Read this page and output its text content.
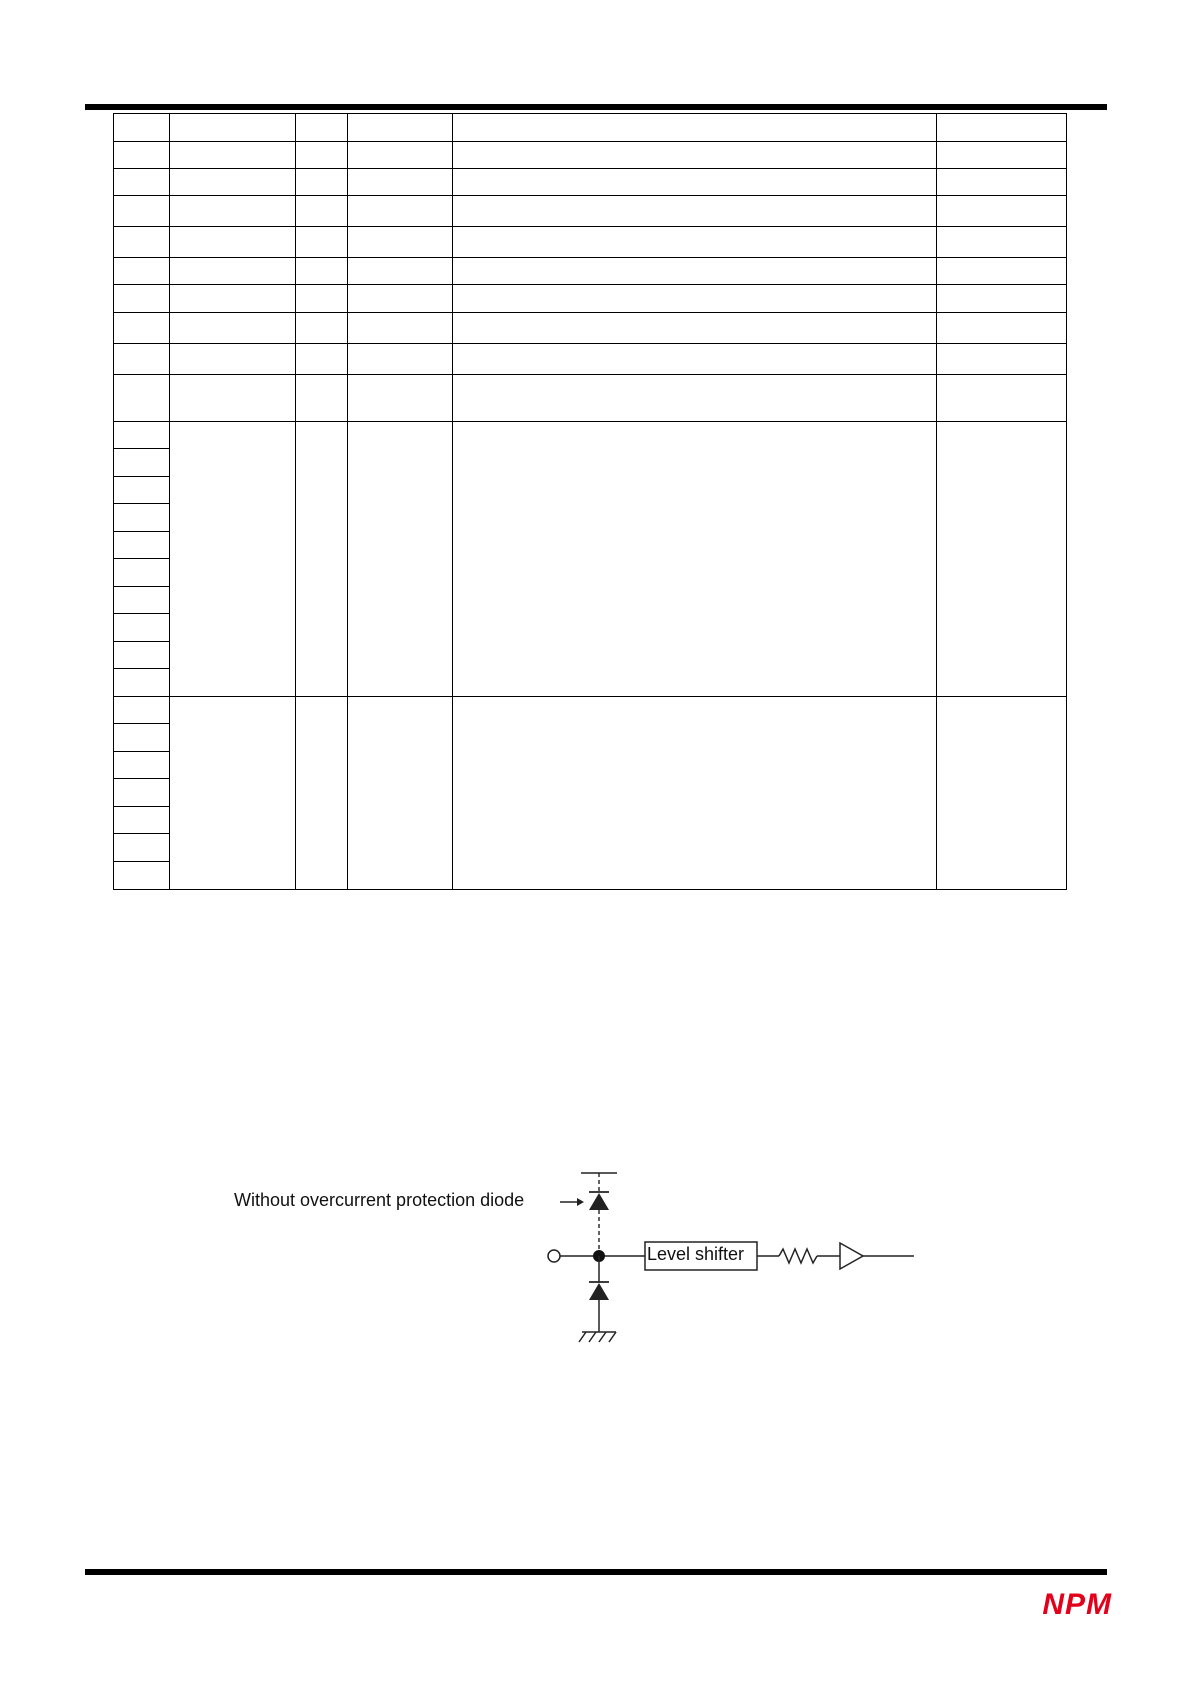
Without overcurrent protection diode
Level shifter
NPM
